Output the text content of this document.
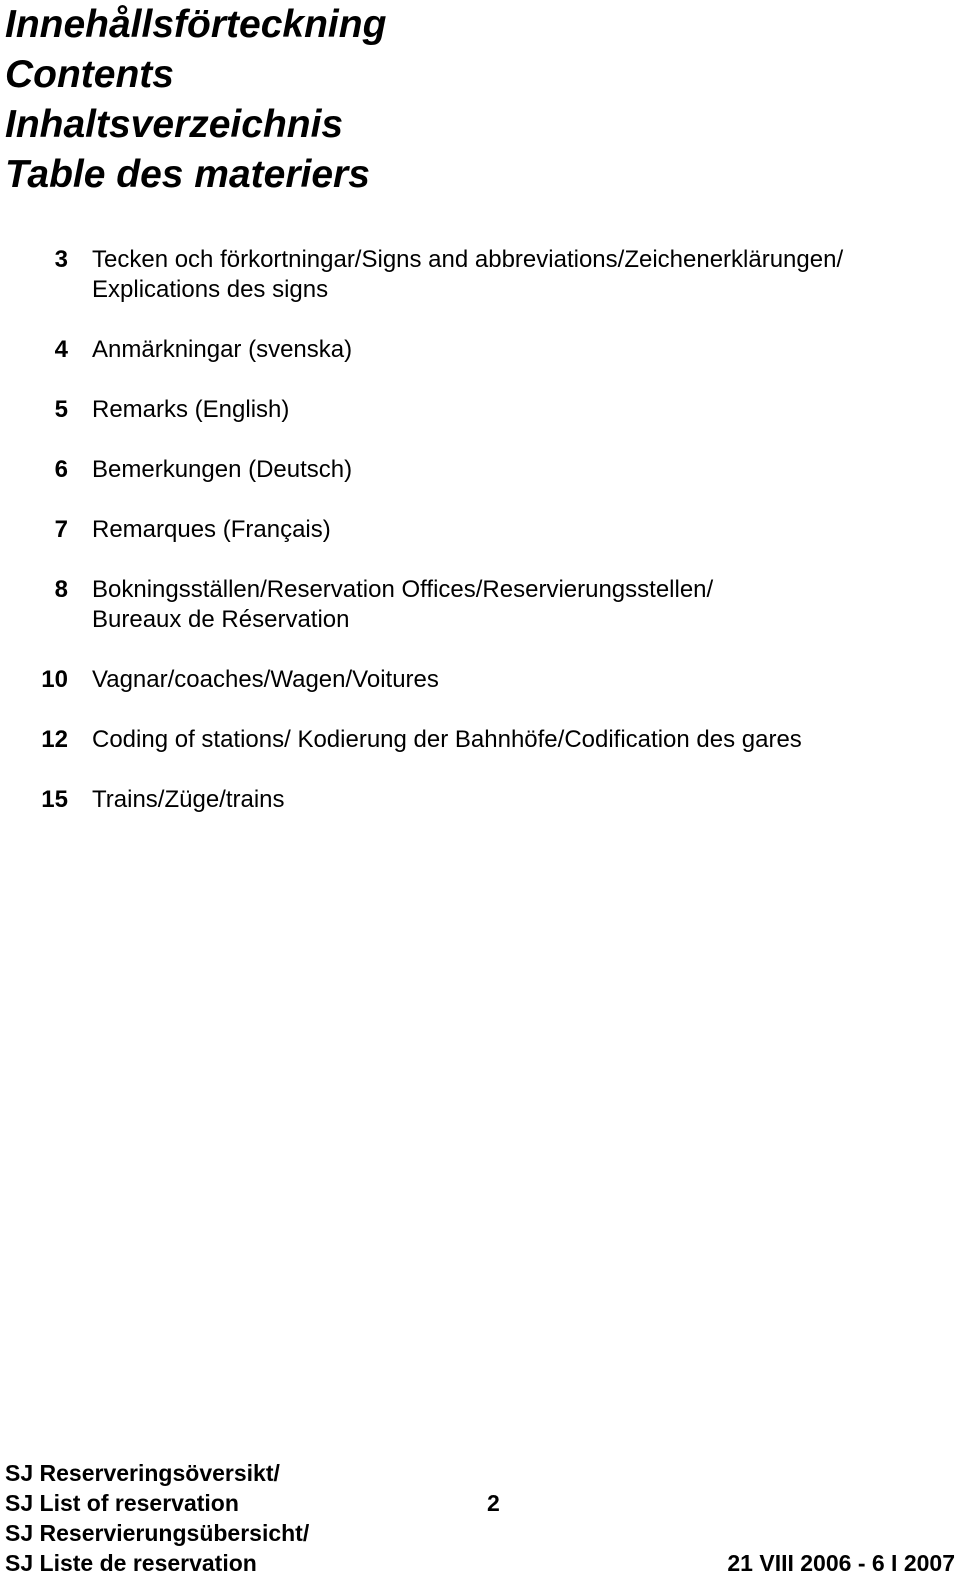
Innehållsförteckning
Contents
Inhaltsverzeichnis
Table des materiers
3 Tecken och förkortningar/Signs and abbreviations/Zeichenerklärungen/
Explications des signs
4 Anmärkningar (svenska)
5 Remarks (English)
6 Bemerkungen (Deutsch)
7 Remarques (Français)
8 Bokningsställen/Reservation Offices/Reservierungsstellen/
Bureaux de Réservation
10 Vagnar/coaches/Wagen/Voitures
12 Coding of stations/ Kodierung der Bahnhöfe/Codification des gares
15 Trains/Züge/trains
SJ Reserveringsöversikt/
SJ List of reservation	2
SJ Reservierungsübersicht/
SJ Liste de reservation	21 VIII 2006 - 6 I 2007
